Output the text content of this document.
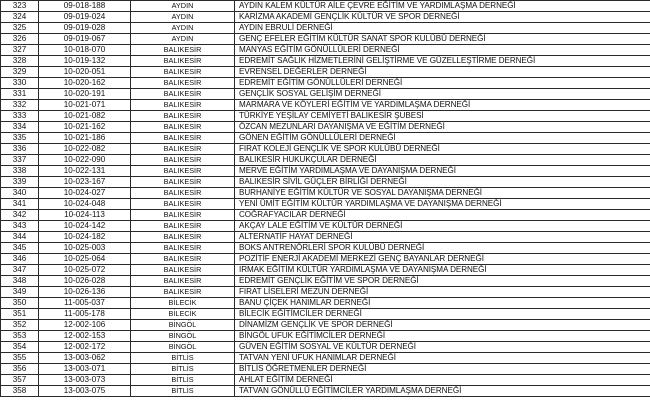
323	09-018-188	AYDIN	AYDIN KALEM KÜLTÜR AİLE ÇEVRE EĞİTİM VE YARDIMLAŞMA DERNEĞİ
324	09-019-024	AYDIN	KARİZMA AKADEMİ GENÇLİK KÜLTÜR VE SPOR DERNEĞİ
325	09-019-028	AYDIN	AYDIN EBRULİ DERNEĞİ
326	09-019-067	AYDIN	GENÇ EFELER EĞİTİM KÜLTÜR SANAT SPOR KULÜBÜ DERNEĞİ
327	10-018-070	BALIKESİR	MANYAS EĞİTİM GÖNÜLLÜLERİ DERNEĞİ
328	10-019-132	BALIKESİR	EDREMİT SAĞLIK HİZMETLERİNİ GELİŞTİRME VE GÜZELLEŞTİRME DERNEĞİ
329	10-020-051	BALIKESİR	EVRENSEL DEĞERLER DERNEĞİ
330	10-020-162	BALIKESİR	EDREMİT EĞİTİM GÖNÜLLÜLERİ DERNEĞİ
331	10-020-191	BALIKESİR	GENÇLİK SOSYAL GELİŞİM DERNEĞİ
332	10-021-071	BALIKESİR	MARMARA VE KÖYLERİ EĞİTİM VE YARDIMLAŞMA DERNEĞİ
333	10-021-082	BALIKESİR	TÜRKİYE YEŞİLAY CEMİYETİ BALIKESİR ŞUBESİ
334	10-021-162	BALIKESİR	ÖZCAN MEZUNLARI DAYANIŞMA VE EĞİTİM DERNEĞİ
335	10-021-186	BALIKESİR	GÖNEN EĞİTİM GÖNÜLLÜLERİ DERNEĞİ
336	10-022-082	BALIKESİR	FIRAT KOLEJİ GENÇLİK VE SPOR KULÜBÜ DERNEĞİ
337	10-022-090	BALIKESİR	BALIKESİR HUKUKÇULAR DERNEĞİ
338	10-022-131	BALIKESİR	MERVE EĞİTİM YARDIMLAŞMA VE DAYANIŞMA DERNEĞİ
339	10-023-167	BALIKESİR	BALIKESİR SİVİL GÜÇLER BİRLİĞİ DERNEĞİ
340	10-024-027	BALIKESİR	BURHANİYE EĞİTİM KÜLTÜR VE SOSYAL DAYANIŞMA DERNEĞİ
341	10-024-048	BALIKESİR	YENİ ÜMİT EĞİTİM KÜLTÜR YARDIMLAŞMA VE DAYANIŞMA DERNEĞİ
342	10-024-113	BALIKESİR	COĞRAFYACILAR DERNEĞİ
343	10-024-142	BALIKESİR	AKÇAY LALE EĞİTİM VE KÜLTÜR DERNEĞİ
344	10-024-182	BALIKESİR	ALTERNATİF HAYAT DERNEĞİ
345	10-025-003	BALIKESİR	BOKS ANTRENÖRLERİ SPOR KULÜBÜ DERNEĞİ
346	10-025-064	BALIKESİR	POZİTİF ENERJİ AKADEMİ MERKEZİ GENÇ BAYANLAR DERNEĞİ
347	10-025-072	BALIKESİR	IRMAK EĞİTİM KÜLTÜR YARDIMLAŞMA VE DAYANIŞMA DERNEĞİ
348	10-026-028	BALIKESİR	EDREMİT GENÇLİK EĞİTİM VE SPOR DERNEĞİ
349	10-026-136	BALIKESİR	FIRAT LİSELERİ MEZUN DERNEĞİ
350	11-005-037	BİLECİK	BANU ÇİÇEK HANIMLAR DERNEĞİ
351	11-005-178	BİLECİK	BİLECİK EĞİTİMCİLER DERNEĞİ
352	12-002-106	BİNGÖL	DİNAMİZM GENÇLİK VE SPOR DERNEĞİ
353	12-002-153	BİNGÖL	BİNGÖL UFUK EĞİTİMCİLER DERNEĞİ
354	12-002-172	BİNGÖL	GÜVEN EĞİTİM SOSYAL VE KÜLTÜR DERNEĞİ
355	13-003-062	BİTLİS	TATVAN YENİ UFUK HANIMLAR DERNEĞİ
356	13-003-071	BİTLİS	BİTLİS ÖĞRETMENLER DERNEĞİ
357	13-003-073	BİTLİS	AHLAT EĞİTİM DERNEĞİ
358	13-003-075	BİTLİS	TATVAN GÖNÜLLÜ EĞİTİMCİLER YARDIMLAŞMA DERNEĞİ
